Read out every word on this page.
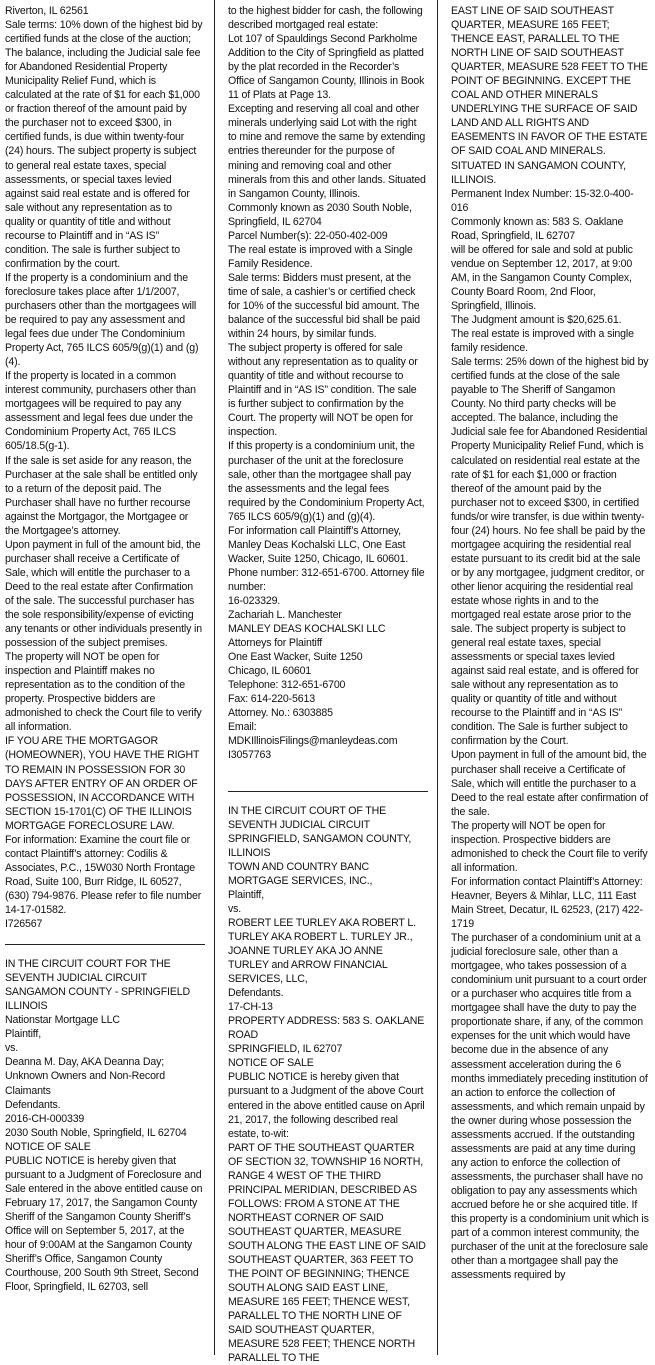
Riverton, IL 62561

Sale terms: 10% down of the highest bid by certified funds at the close of the auction; The balance, including the Judicial sale fee for Abandoned Residential Property Municipality Relief Fund, which is calculated at the rate of $1 for each $1,000 or fraction thereof of the amount paid by the purchaser not to exceed $300, in certified funds, is due within twenty-four (24) hours. The subject property is subject to general real estate taxes, special assessments, or special taxes levied against said real estate and is offered for sale without any representation as to quality or quantity of title and without recourse to Plaintiff and in “AS IS” condition. The sale is further subject to confirmation by the court.

If the property is a condominium and the foreclosure takes place after 1/1/2007, purchasers other than the mortgagees will be required to pay any assessment and legal fees due under The Condominium Property Act, 765 ILCS 605/9(g)(1) and (g)(4).

If the property is located in a common interest community, purchasers other than mortgagees will be required to pay any assessment and legal fees due under the Condominium Property Act, 765 ILCS 605/18.5(g-1).

If the sale is set aside for any reason, the Purchaser at the sale shall be entitled only to a return of the deposit paid. The Purchaser shall have no further recourse against the Mortgagor, the Mortgagee or the Mortgagee’s attorney.

Upon payment in full of the amount bid, the purchaser shall receive a Certificate of Sale, which will entitle the purchaser to a Deed to the real estate after Confirmation of the sale. The successful purchaser has the sole responsibility/expense of evicting any tenants or other individuals presently in possession of the subject premises.

The property will NOT be open for inspection and Plaintiff makes no representation as to the condition of the property. Prospective bidders are admonished to check the Court file to verify all information.

IF YOU ARE THE MORTGAGOR (HOMEOWNER), YOU HAVE THE RIGHT TO REMAIN IN POSSESSION FOR 30 DAYS AFTER ENTRY OF AN ORDER OF POSSESSION, IN ACCORDANCE WITH SECTION 15-1701(C) OF THE ILLINOIS MORTGAGE FORECLOSURE LAW.

For information: Examine the court file or contact Plaintiff’s attorney: Codilis & Associates, P.C., 15W030 North Frontage Road, Suite 100, Burr Ridge, IL 60527, (630) 794-9876. Please refer to file number 14-17-01582.

I726567

IN THE CIRCUIT COURT FOR THE SEVENTH JUDICIAL CIRCUIT

SANGAMON COUNTY - SPRINGFIELD

ILLINOIS

Nationstar Mortgage LLC

Plaintiff,

vs.

Deanna M. Day, AKA Deanna Day; Unknown Owners and Non-Record Claimants

Defendants.

2016-CH-000339

2030 South Noble, Springfield, IL 62704

NOTICE OF SALE

PUBLIC NOTICE is hereby given that pursuant to a Judgment of Foreclosure and Sale entered in the above entitled cause on February 17, 2017, the Sangamon County Sheriff of the Sangamon County Sheriff’s Office will on September 5, 2017, at the hour of 9:00AM at the Sangamon County Sheriff’s Office, Sangamon County Courthouse, 200 South 9th Street, Second Floor, Springfield, IL 62703, sell

to the highest bidder for cash, the following described mortgaged real estate:

Lot 107 of Spauldings Second Parkholme Addition to the City of Springfield as platted by the plat recorded in the Recorder’s Office of Sangamon County, Illinois in Book 11 of Plats at Page 13.

Excepting and reserving all coal and other minerals underlying said Lot with the right to mine and remove the same by extending entries thereunder for the purpose of mining and removing coal and other minerals from this and other lands. Situated in Sangamon County, Illinois.

Commonly known as 2030 South Noble, Springfield, IL 62704

Parcel Number(s): 22-050-402-009

The real estate is improved with a Single Family Residence.

Sale terms: Bidders must present, at the time of sale, a cashier’s or certified check for 10% of the successful bid amount. The balance of the successful bid shall be paid within 24 hours, by similar funds.

The subject property is offered for sale without any representation as to quality or quantity of title and without recourse to Plaintiff and in “AS IS” condition. The sale is further subject to confirmation by the Court. The property will NOT be open for inspection.

If this property is a condominium unit, the purchaser of the unit at the foreclosure sale, other than the mortgagee shall pay the assessments and the legal fees required by the Condominium Property Act, 765 ILCS 605/9(g)(1) and (g)(4).

For information call Plaintiff’s Attorney, Manley Deas Kochalski LLC, One East Wacker, Suite 1250, Chicago, IL 60601. Phone number: 312-651-6700. Attorney file number:

16-023329.

Zachariah L. Manchester

MANLEY DEAS KOCHALSKI LLC

Attorneys for Plaintiff

One East Wacker, Suite 1250

Chicago, IL 60601

Telephone: 312-651-6700

Fax: 614-220-5613

Attorney. No.: 6303885

Email: MDKIllinoisFilings@manleydeas.com

I3057763

IN THE CIRCUIT COURT OF THE SEVENTH JUDICIAL CIRCUIT

SPRINGFIELD, SANGAMON COUNTY, ILLINOIS

TOWN AND COUNTRY BANC MORTGAGE SERVICES, INC.,

Plaintiff,

vs.

ROBERT LEE TURLEY AKA ROBERT L. TURLEY AKA ROBERT L. TURLEY JR., JOANNE TURLEY AKA JO ANNE TURLEY and ARROW FINANCIAL SERVICES, LLC,

Defendants.

17-CH-13

PROPERTY ADDRESS: 583 S. OAKLANE ROAD

SPRINGFIELD, IL 62707

NOTICE OF SALE

PUBLIC NOTICE is hereby given that pursuant to a Judgment of the above Court entered in the above entitled cause on April 21, 2017, the following described real estate, to-wit:

PART OF THE SOUTHEAST QUARTER OF SECTION 32, TOWNSHIP 16 NORTH, RANGE 4 WEST OF THE THIRD PRINCIPAL MERIDIAN, DESCRIBED AS FOLLOWS: FROM A STONE AT THE NORTHEAST CORNER OF SAID SOUTHEAST QUARTER, MEASURE SOUTH ALONG THE EAST LINE OF SAID SOUTHEAST QUARTER, 363 FEET TO THE POINT OF BEGINNING; THENCE SOUTH ALONG SAID EAST LINE, MEASURE 165 FEET; THENCE WEST, PARALLEL TO THE NORTH LINE OF SAID SOUTHEAST QUARTER, MEASURE 528 FEET; THENCE NORTH PARALLEL TO THE

EAST LINE OF SAID SOUTHEAST QUARTER, MEASURE 165 FEET; THENCE EAST, PARALLEL TO THE NORTH LINE OF SAID SOUTHEAST QUARTER, MEASURE 528 FEET TO THE POINT OF BEGINNING. EXCEPT THE COAL AND OTHER MINERALS UNDERLYING THE SURFACE OF SAID LAND AND ALL RIGHTS AND EASEMENTS IN FAVOR OF THE ESTATE OF SAID COAL AND MINERALS.

SITUATED IN SANGAMON COUNTY, ILLINOIS.

Permanent Index Number: 15-32.0-400-016

Commonly known as: 583 S. Oaklane Road, Springfield, IL 62707

will be offered for sale and sold at public vendue on September 12, 2017, at 9:00 AM, in the Sangamon County Complex, County Board Room, 2nd Floor, Springfield, Illinois.

The Judgment amount is $20,625.61.

The real estate is improved with a single family residence.

Sale terms: 25% down of the highest bid by certified funds at the close of the sale payable to The Sheriff of Sangamon County. No third party checks will be accepted. The balance, including the Judicial sale fee for Abandoned Residential Property Municipality Relief Fund, which is calculated on residential real estate at the rate of $1 for each $1,000 or fraction thereof of the amount paid by the purchaser not to exceed $300, in certified funds/or wire transfer, is due within twenty-four (24) hours. No fee shall be paid by the mortgagee acquiring the residential real estate pursuant to its credit bid at the sale or by any mortgagee, judgment creditor, or other lienor acquiring the residential real estate whose rights in and to the mortgaged real estate arose prior to the sale. The subject property is subject to general real estate taxes, special assessments or special taxes levied against said real estate, and is offered for sale without any representation as to quality or quantity of title and without recourse to the Plaintiff and in “AS IS” condition. The Sale is further subject to confirmation by the Court.

Upon payment in full of the amount bid, the purchaser shall receive a Certificate of Sale, which will entitle the purchaser to a Deed to the real estate after confirmation of the sale.

The property will NOT be open for inspection. Prospective bidders are admonished to check the Court file to verify all information.

For information contact Plaintiff’s Attorney: Heavner, Beyers & Mihlar, LLC, 111 East Main Street, Decatur, IL 62523, (217) 422-1719

The purchaser of a condominium unit at a judicial foreclosure sale, other than a mortgagee, who takes possession of a condominium unit pursuant to a court order or a purchaser who acquires title from a mortgagee shall have the duty to pay the proportionate share, if any, of the common expenses for the unit which would have become due in the absence of any assessment acceleration during the 6 months immediately preceding institution of an action to enforce the collection of assessments, and which remain unpaid by the owner during whose possession the assessments accrued. If the outstanding assessments are paid at any time during any action to enforce the collection of assessments, the purchaser shall have no obligation to pay any assessments which accrued before he or she acquired title. If this property is a condominium unit which is part of a common interest community, the purchaser of the unit at the foreclosure sale other than a mortgagee shall pay the assessments required by
